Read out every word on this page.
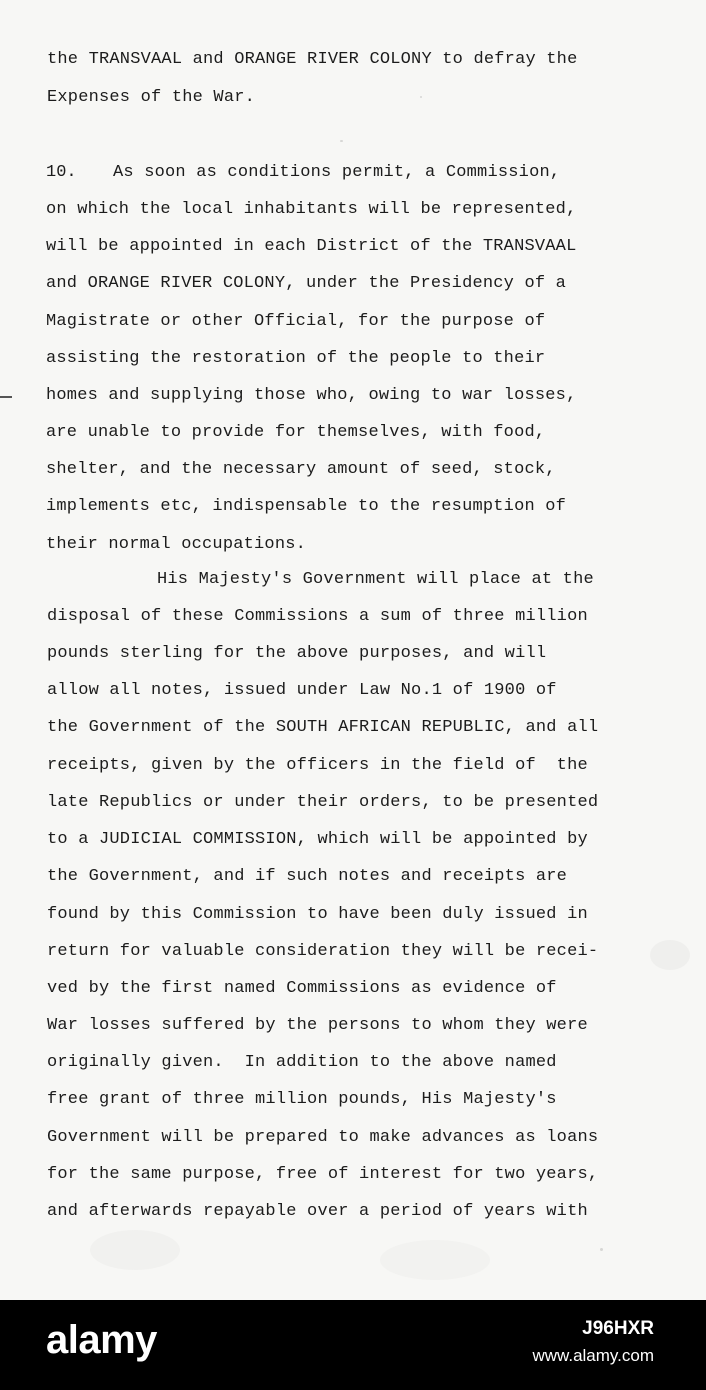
the TRANSVAAL and ORANGE RIVER COLONY to defray the
Expenses of the War.
10. As soon as conditions permit, a Commission,
on which the local inhabitants will be represented,
will be appointed in each District of the TRANSVAAL
and ORANGE RIVER COLONY, under the Presidency of a
Magistrate or other Official, for the purpose of
assisting the restoration of the people to their
homes and supplying those who, owing to war losses,
are unable to provide for themselves, with food,
shelter, and the necessary amount of seed, stock,
implements etc, indispensable to the resumption of
their normal occupations.
His Majesty's Government will place at the
disposal of these Commissions a sum of three million
pounds sterling for the above purposes, and will
allow all notes, issued under Law No.1 of 1900 of
the Government of the SOUTH AFRICAN REPUBLIC, and all
receipts, given by the officers in the field of  the
late Republics or under their orders, to be presented
to a JUDICIAL COMMISSION, which will be appointed by
the Government, and if such notes and receipts are
found by this Commission to have been duly issued in
return for valuable consideration they will be recei-
ved by the first named Commissions as evidence of
War losses suffered by the persons to whom they were
originally given.  In addition to the above named
free grant of three million pounds, His Majesty's
Government will be prepared to make advances as loans
for the same purpose, free of interest for two years,
and afterwards repayable over a period of years with
alamy	J96HXR
www.alamy.com
